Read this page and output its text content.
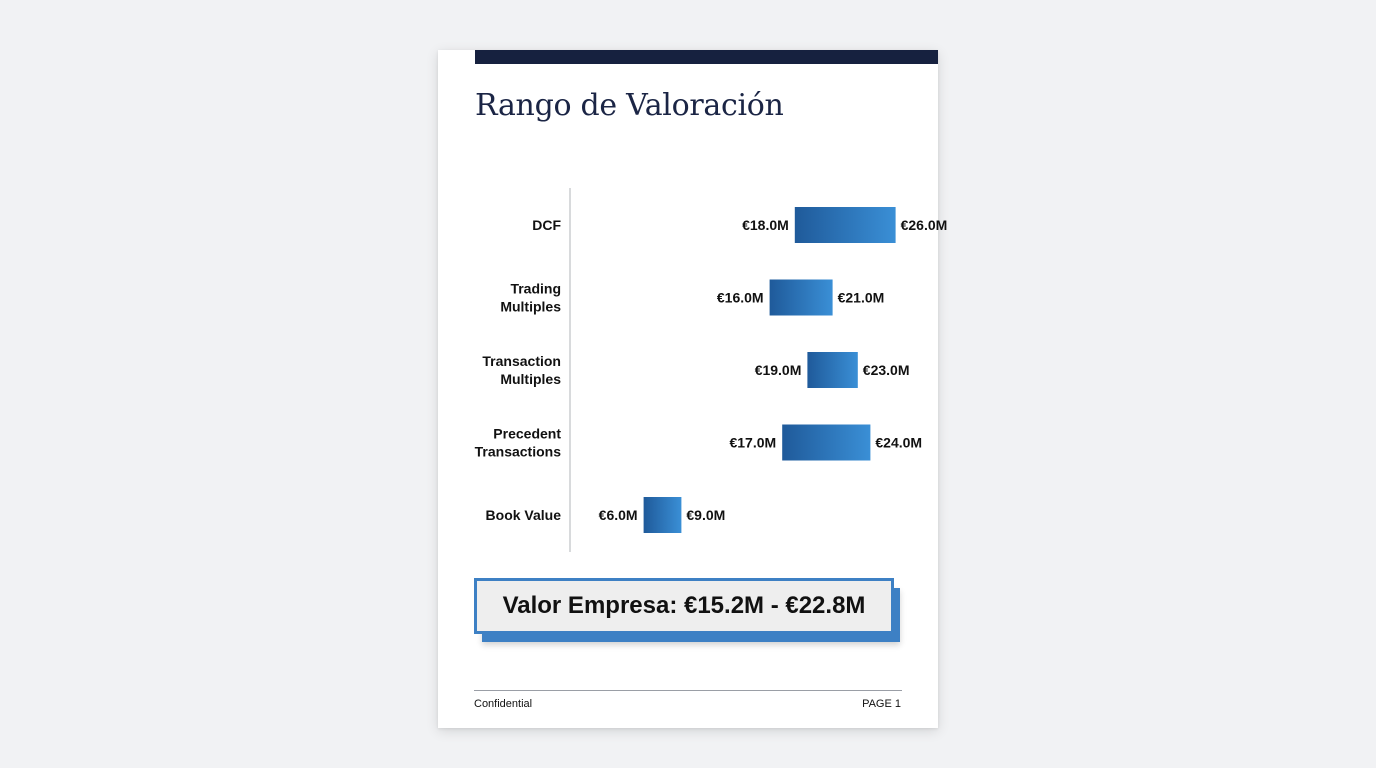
Rango de Valoración
DCF	€18.0M	€26.0M
Trading
Multiples
€16.0M	€21.0M
Transaction
Multiples
€19.0M	€23.0M
Precedent
Transactions
€17.0M	€24.0M
Book Value	€6.0M	€9.0M
Valor Empresa: €15.2M - €22.8M
Confidential	PAGE 1
